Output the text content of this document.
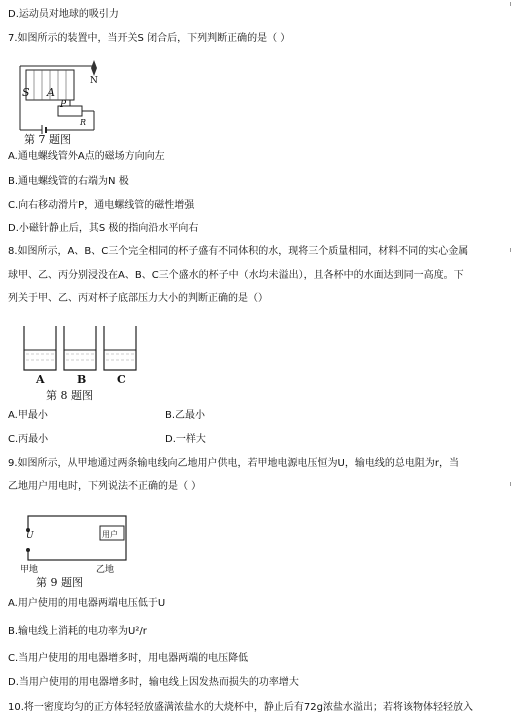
D.运动员对地球的吸引力
7.如图所示的装置中，当开关S 闭合后，下列判断正确的是（ ）
S A
N
P
R
第 7 题图
A.通电螺线管外A点的磁场方向向左
B.通电螺线管的右端为N 极
C.向右移动滑片P，通电螺线管的磁性增强
D.小磁针静止后，其S 极的指向沿水平向右
8.如图所示，A、B、C三个完全相同的杯子盛有不同体积的水，现将三个质量相同，材料不同的实心金属
球甲、乙、丙分别浸没在A、B、C三个盛水的杯子中（水均未溢出），且各杯中的水面达到同一高度。下
列关于甲、乙、丙对杯子底部压力大小的判断正确的是（）
A	B	C
第 8 题图
A.甲最小	B.乙最小
C.丙最小	D.一样大
9.如图所示，从甲地通过两条输电线向乙地用户供电，若甲地电源电压恒为U，输电线的总电阻为r，当
乙地用户用电时，下列说法不正确的是（ ）
U	用户
甲地	乙地
第 9 题图
A.用户使用的用电器两端电压低于U
B.输电线上消耗的电功率为U²/r
C.当用户使用的用电器增多时，用电器两端的电压降低
D.当用户使用的用电器增多时，输电线上因发热而损失的功率增大
10.将一密度均匀的正方体轻轻放盛满浓盐水的大烧杯中，静止后有72g浓盐水溢出；若将该物体轻轻放入
